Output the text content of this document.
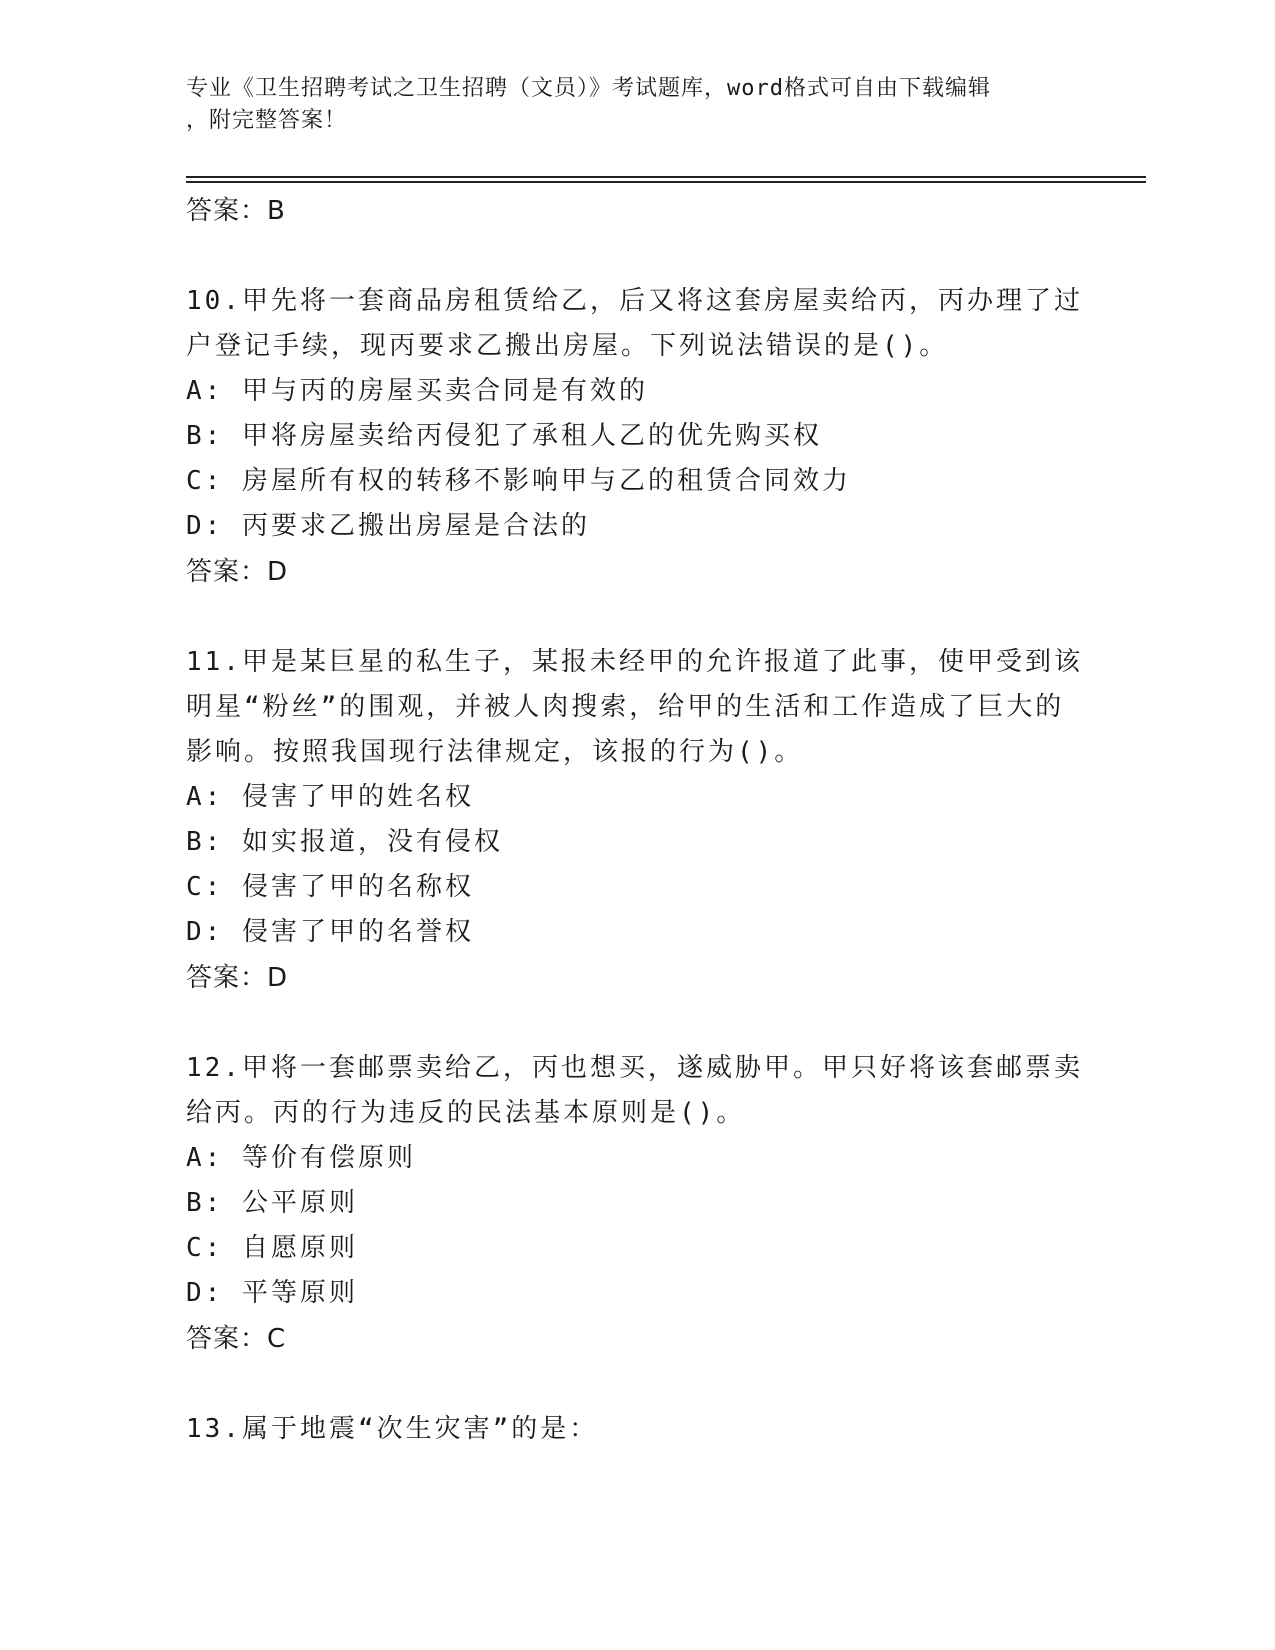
专业《卫生招聘考试之卫生招聘（文员）》考试题库，word格式可自由下载编辑
，附完整答案！
答案：B

10.甲先将一套商品房租赁给乙，后又将这套房屋卖给丙，丙办理了过户登记手续，现丙要求乙搬出房屋。下列说法错误的是()。

A: 甲与丙的房屋买卖合同是有效的
B: 甲将房屋卖给丙侵犯了承租人乙的优先购买权
C: 房屋所有权的转移不影响甲与乙的租赁合同效力
D: 丙要求乙搬出房屋是合法的
答案：D

11.甲是某巨星的私生子，某报未经甲的允许报道了此事，使甲受到该明星“粉丝”的围观，并被人肉搜索，给甲的生活和工作造成了巨大的影响。按照我国现行法律规定，该报的行为()。

A: 侵害了甲的姓名权
B: 如实报道，没有侵权
C: 侵害了甲的名称权
D: 侵害了甲的名誉权
答案：D

12.甲将一套邮票卖给乙，丙也想买，遂威胁甲。甲只好将该套邮票卖给丙。丙的行为违反的民法基本原则是()。

A: 等价有偿原则
B: 公平原则
C: 自愿原则
D: 平等原则
答案：C

13.属于地震“次生灾害”的是：
